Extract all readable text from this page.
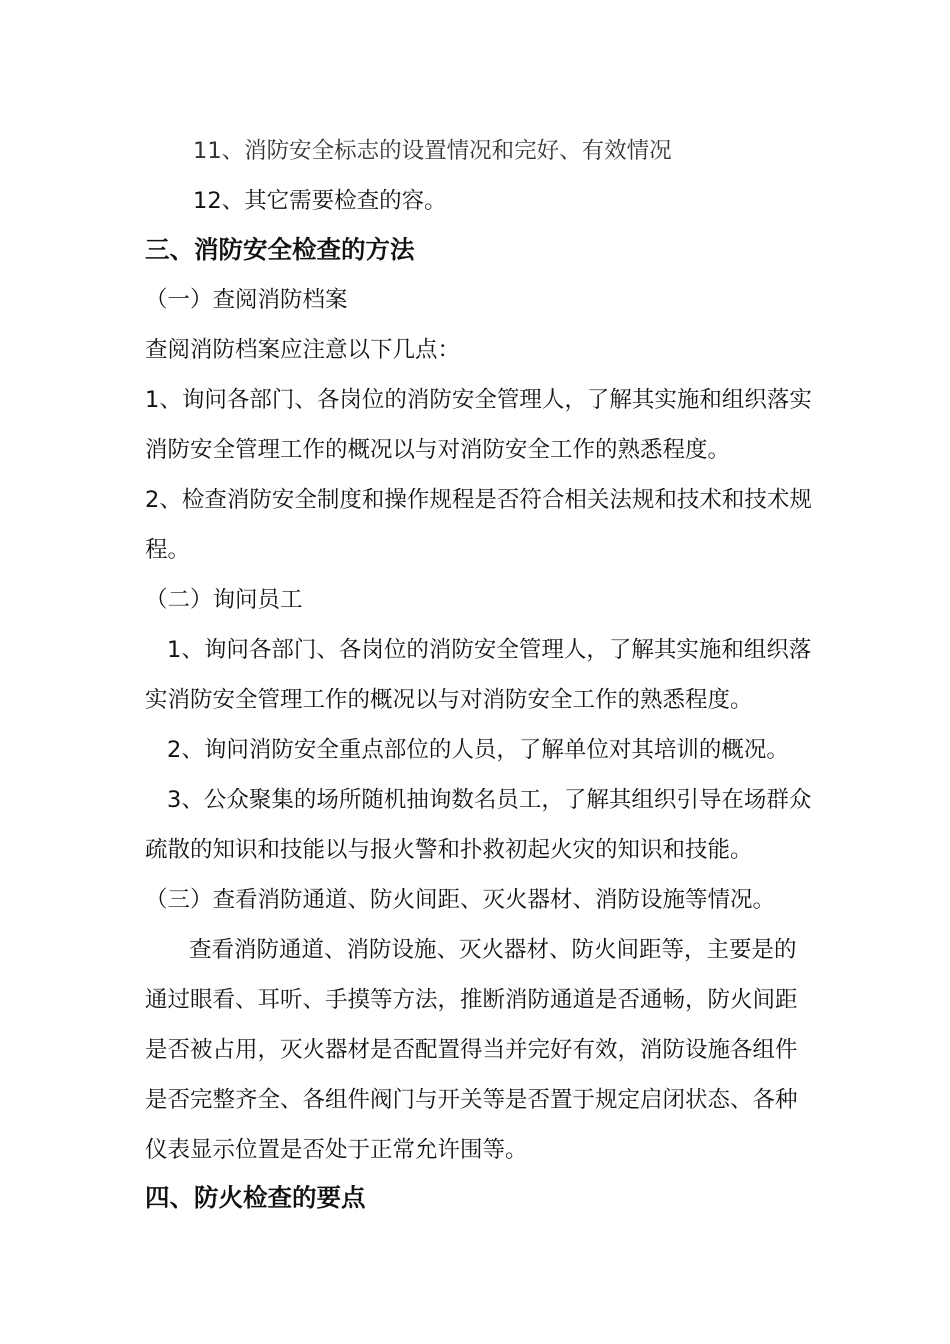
11、消防安全标志的设置情况和完好、有效情况
12、其它需要检查的容。
三、消防安全检查的方法
（一）查阅消防档案
查阅消防档案应注意以下几点：
1、询问各部门、各岗位的消防安全管理人，了解其实施和组织落实
消防安全管理工作的概况以与对消防安全工作的熟悉程度。
2、检查消防安全制度和操作规程是否符合相关法规和技术和技术规
程。
（二）询问员工
1、询问各部门、各岗位的消防安全管理人，了解其实施和组织落
实消防安全管理工作的概况以与对消防安全工作的熟悉程度。
2、询问消防安全重点部位的人员，了解单位对其培训的概况。
3、公众聚集的场所随机抽询数名员工，了解其组织引导在场群众
疏散的知识和技能以与报火警和扑救初起火灾的知识和技能。
（三）查看消防通道、防火间距、灭火器材、消防设施等情况。
查看消防通道、消防设施、灭火器材、防火间距等，主要是的
通过眼看、耳听、手摸等方法，推断消防通道是否通畅，防火间距
是否被占用，灭火器材是否配置得当并完好有效，消防设施各组件
是否完整齐全、各组件阀门与开关等是否置于规定启闭状态、各种
仪表显示位置是否处于正常允许围等。
四、防火检查的要点
